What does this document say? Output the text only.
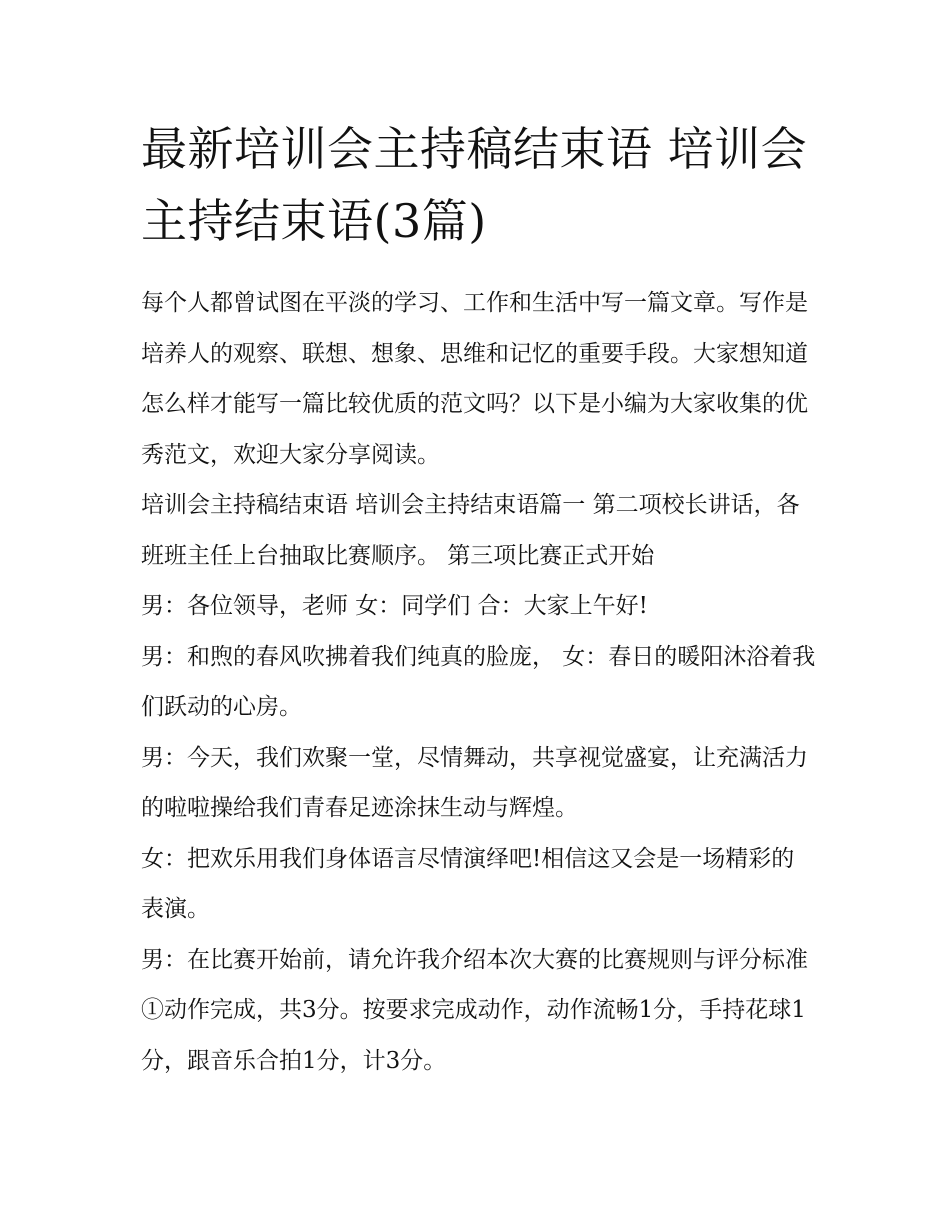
最新培训会主持稿结束语 培训会主持结束语(3篇)

每个人都曾试图在平淡的学习、工作和生活中写一篇文章。写作是培养人的观察、联想、想象、思维和记忆的重要手段。大家想知道怎么样才能写一篇比较优质的范文吗？以下是小编为大家收集的优秀范文，欢迎大家分享阅读。

培训会主持稿结束语 培训会主持结束语篇一 第二项校长讲话，各班班主任上台抽取比赛顺序。 第三项比赛正式开始

男：各位领导，老师 女：同学们 合：大家上午好!

男：和煦的春风吹拂着我们纯真的脸庞， 女：春日的暖阳沐浴着我们跃动的心房。

男：今天，我们欢聚一堂，尽情舞动，共享视觉盛宴，让充满活力的啦啦操给我们青春足迹涂抹生动与辉煌。

女：把欢乐用我们身体语言尽情演绎吧!相信这又会是一场精彩的表演。

男：在比赛开始前，请允许我介绍本次大赛的比赛规则与评分标准①动作完成，共3分。按要求完成动作，动作流畅1分，手持花球1分，跟音乐合拍1分，计3分。
